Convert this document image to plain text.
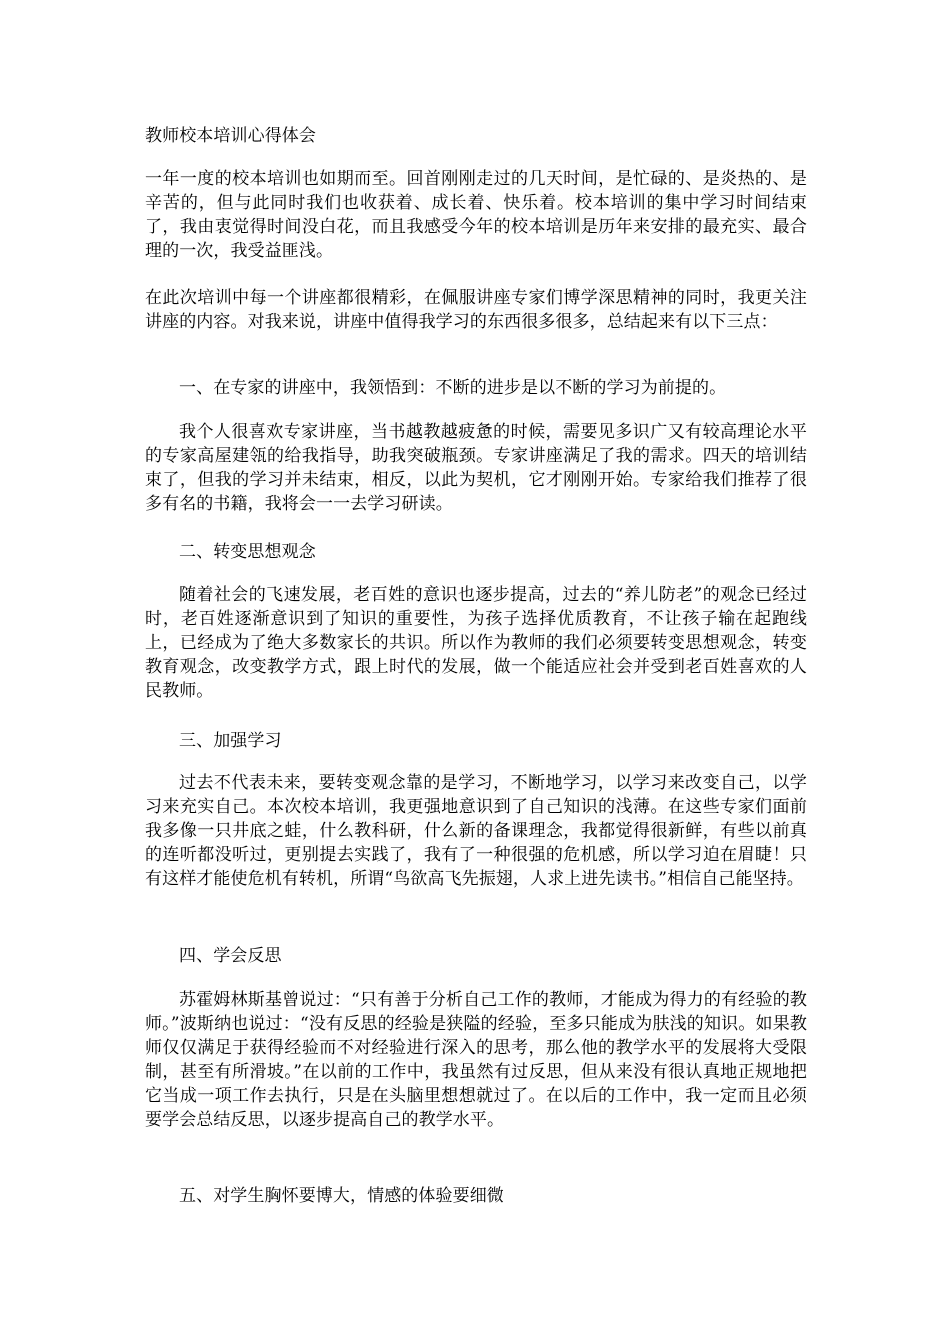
教师校本培训心得体会

一年一度的校本培训也如期而至。回首刚刚走过的几天时间，是忙碌的、是炎热的、是辛苦的，但与此同时我们也收获着、成长着、快乐着。校本培训的集中学习时间结束了，我由衷觉得时间没白花，而且我感受今年的校本培训是历年来安排的最充实、最合理的一次，我受益匪浅。

在此次培训中每一个讲座都很精彩，在佩服讲座专家们博学深思精神的同时，我更关注讲座的内容。对我来说，讲座中值得我学习的东西很多很多，总结起来有以下三点：

一、在专家的讲座中，我领悟到：不断的进步是以不断的学习为前提的。

我个人很喜欢专家讲座，当书越教越疲惫的时候，需要见多识广又有较高理论水平的专家高屋建瓴的给我指导，助我突破瓶颈。专家讲座满足了我的需求。四天的培训结束了，但我的学习并未结束，相反，以此为契机，它才刚刚开始。专家给我们推荐了很多有名的书籍，我将会一一去学习研读。

二、转变思想观念

随着社会的飞速发展，老百姓的意识也逐步提高，过去的“养儿防老”的观念已经过时，老百姓逐渐意识到了知识的重要性，为孩子选择优质教育，不让孩子输在起跑线上，已经成为了绝大多数家长的共识。所以作为教师的我们必须要转变思想观念，转变教育观念，改变教学方式，跟上时代的发展，做一个能适应社会并受到老百姓喜欢的人民教师。

三、加强学习

过去不代表未来，要转变观念靠的是学习，不断地学习，以学习来改变自己，以学习来充实自己。本次校本培训，我更强地意识到了自己知识的浅薄。在这些专家们面前我多像一只井底之蛙，什么教科研，什么新的备课理念，我都觉得很新鲜，有些以前真的连听都没听过，更别提去实践了，我有了一种很强的危机感，所以学习迫在眉睫！只有这样才能使危机有转机，所谓“鸟欲高飞先振翅，人求上进先读书。”相信自己能坚持。

四、学会反思

苏霍姆林斯基曾说过：“只有善于分析自己工作的教师，才能成为得力的有经验的教师。”波斯纳也说过：“没有反思的经验是狭隘的经验，至多只能成为肤浅的知识。如果教师仅仅满足于获得经验而不对经验进行深入的思考，那么他的教学水平的发展将大受限制，甚至有所滑坡。”在以前的工作中，我虽然有过反思，但从来没有很认真地正规地把它当成一项工作去执行，只是在头脑里想想就过了。在以后的工作中，我一定而且必须要学会总结反思，以逐步提高自己的教学水平。

五、对学生胸怀要博大，情感的体验要细微
